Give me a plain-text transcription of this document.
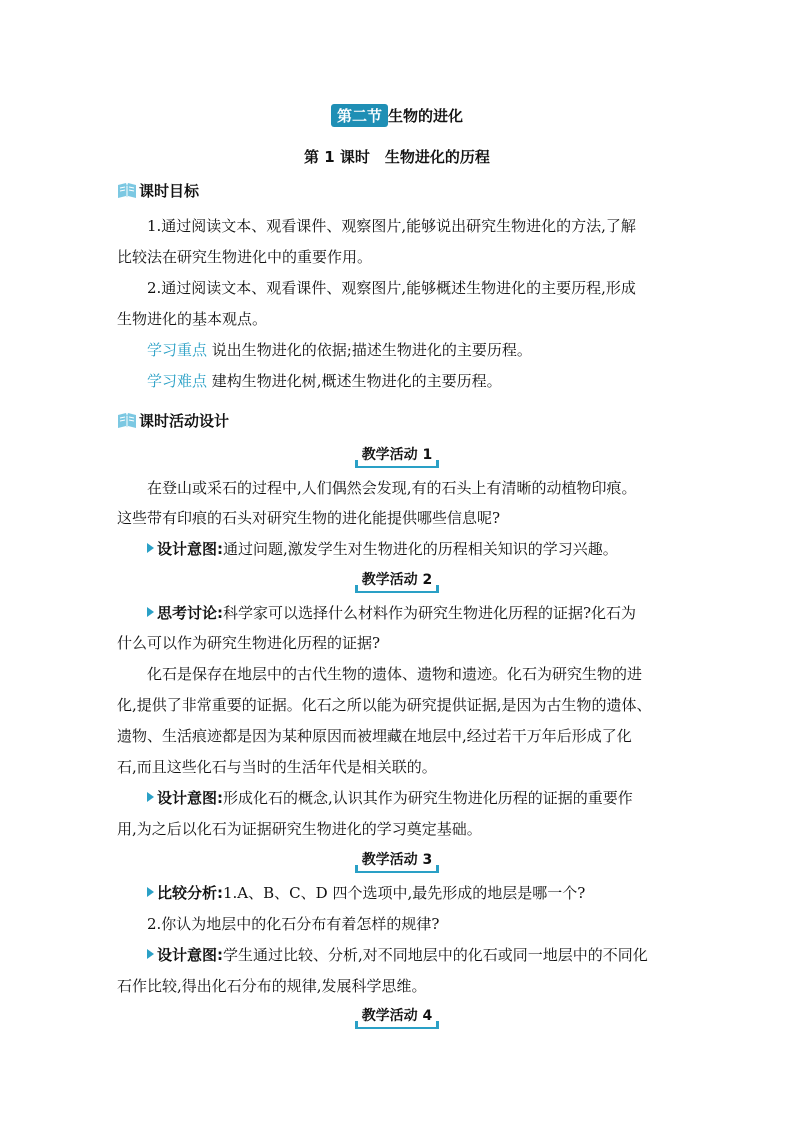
第二节 生物的进化
第 1 课时　生物进化的历程
课时目标
1.通过阅读文本、观看课件、观察图片,能够说出研究生物进化的方法,了解
比较法在研究生物进化中的重要作用。
2.通过阅读文本、观看课件、观察图片,能够概述生物进化的主要历程,形成
生物进化的基本观点。
学习重点 说出生物进化的依据;描述生物进化的主要历程。
学习难点 建构生物进化树,概述生物进化的主要历程。
课时活动设计
教学活动 1
在登山或采石的过程中,人们偶然会发现,有的石头上有清晰的动植物印痕。
这些带有印痕的石头对研究生物的进化能提供哪些信息呢?
设计意图:通过问题,激发学生对生物进化的历程相关知识的学习兴趣。
教学活动 2
思考讨论:科学家可以选择什么材料作为研究生物进化历程的证据?化石为
什么可以作为研究生物进化历程的证据?
化石是保存在地层中的古代生物的遗体、遗物和遗迹。化石为研究生物的进
化,提供了非常重要的证据。化石之所以能为研究提供证据,是因为古生物的遗体、
遗物、生活痕迹都是因为某种原因而被埋藏在地层中,经过若干万年后形成了化
石,而且这些化石与当时的生活年代是相关联的。
设计意图:形成化石的概念,认识其作为研究生物进化历程的证据的重要作
用,为之后以化石为证据研究生物进化的学习奠定基础。
教学活动 3
比较分析:1.A、B、C、D 四个选项中,最先形成的地层是哪一个?
2.你认为地层中的化石分布有着怎样的规律?
设计意图:学生通过比较、分析,对不同地层中的化石或同一地层中的不同化
石作比较,得出化石分布的规律,发展科学思维。
教学活动 4
